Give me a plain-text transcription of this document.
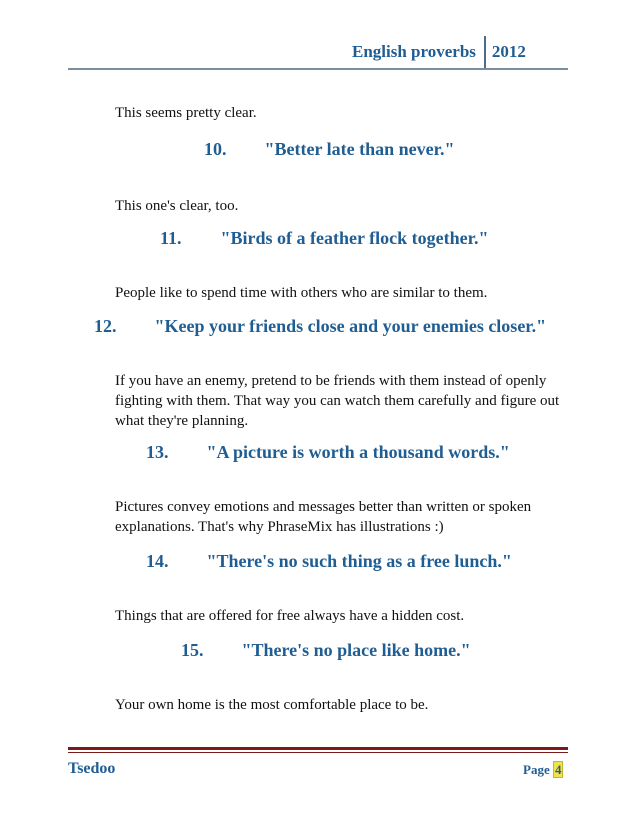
English proverbs 2012

This seems pretty clear.

10. "Better late than never."

This one's clear, too.

11. "Birds of a feather flock together."

People like to spend time with others who are similar to them.

12. "Keep your friends close and your enemies closer."

If you have an enemy, pretend to be friends with them instead of openly fighting with them. That way you can watch them carefully and figure out what they're planning.

13. "A picture is worth a thousand words."

Pictures convey emotions and messages better than written or spoken explanations. That's why PhraseMix has illustrations :)

14. "There's no such thing as a free lunch."

Things that are offered for free always have a hidden cost.

15. "There's no place like home."

Your own home is the most comfortable place to be.

Tsedoo	Page 4
